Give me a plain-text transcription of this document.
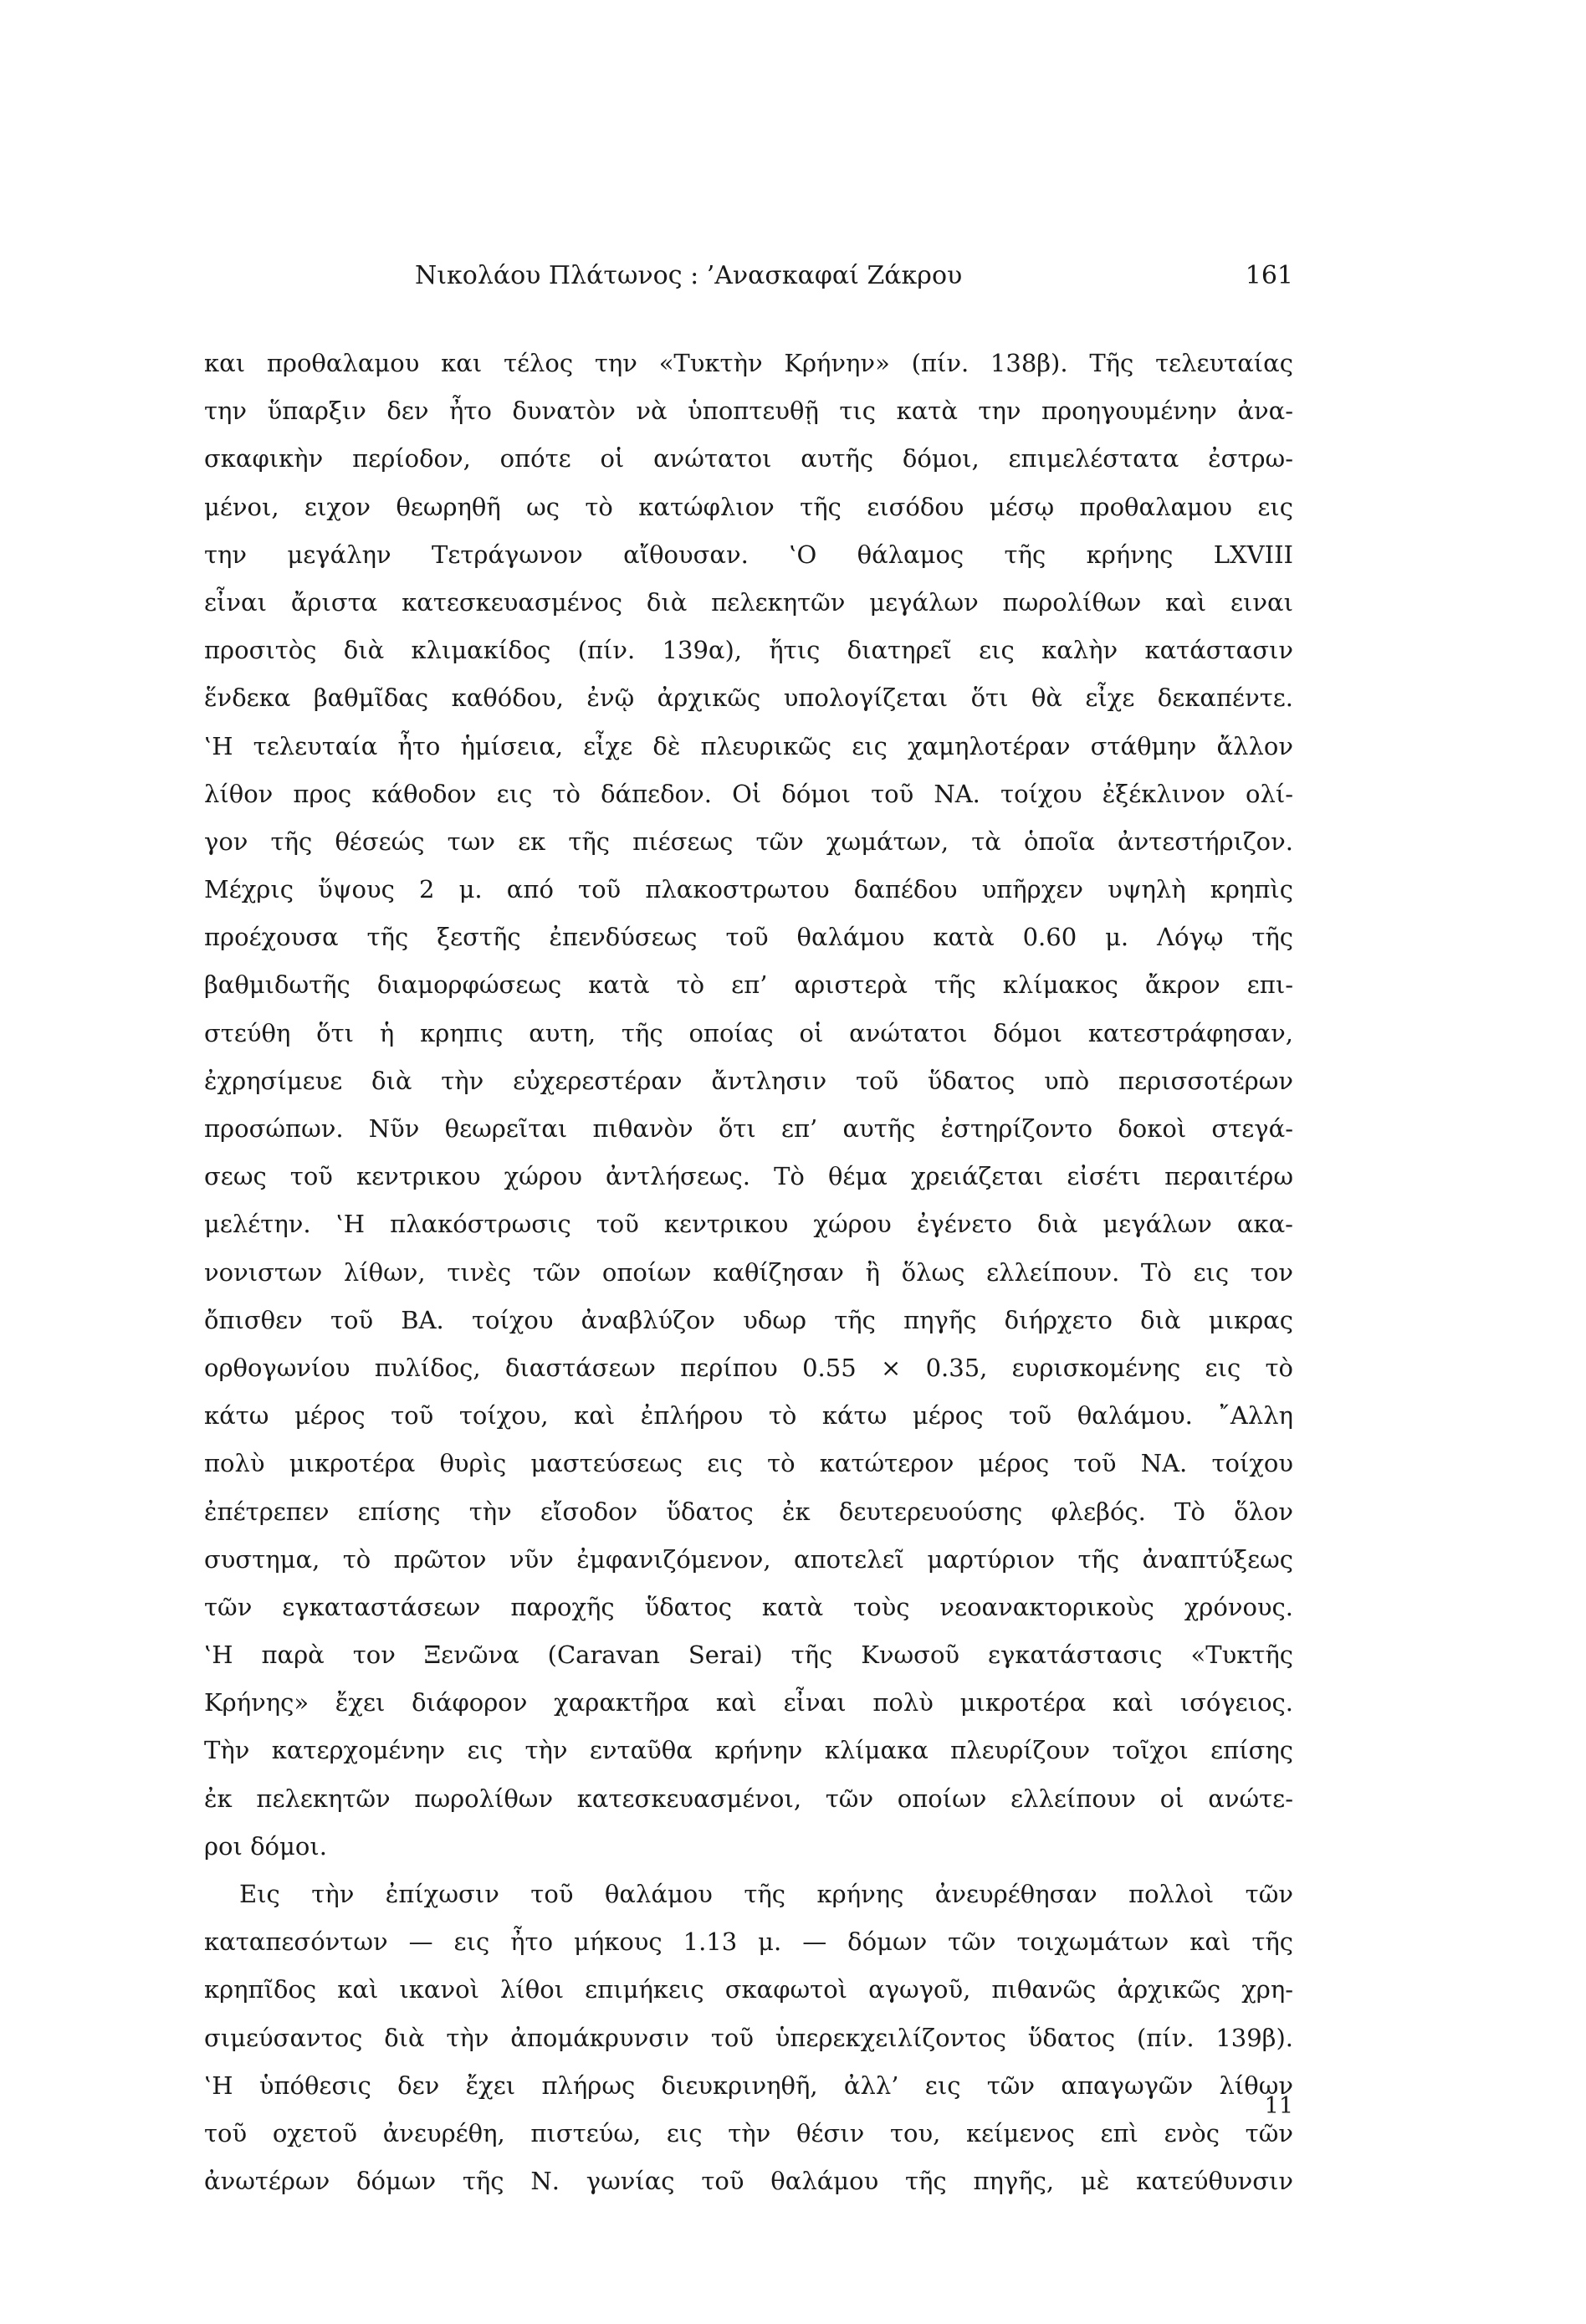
Νικολάου Πλάτωνος : ’Ανασκαφαί Ζάκρου	161
και προθαλαμου και τέλος την «Τυκτὴν Κρήνην» (πίν. 138β). Τῆς τελευταίας
την ὕπαρξιν δεν ἦτο δυνατὸν νὰ ὑποπτευθῇ τις κατὰ την προηγουμένην ἀνα-
σκαφικὴν περίοδον, οπότε οἱ ανώτατοι αυτῆς δόμοι, επιμελέστατα ἐστρω-
μένοι, ειχον θεωρηθῆ ως τὸ κατώφλιον τῆς εισόδου μέσῳ προθαλαμου εις
την μεγάλην Τετράγωνον αἴθουσαν. ‛Ο θάλαμος τῆς κρήνης LXVIII
εἶναι ἄριστα κατεσκευασμένος διὰ πελεκητῶν μεγάλων πωρολίθων καὶ ειναι
προσιτὸς διὰ κλιμακίδος (πίν. 139α), ἥτις διατηρεῖ εις καλὴν κατάστασιν
ἕνδεκα βαθμῖδας καθόδου, ἐνῷ ἀρχικῶς υπολογίζεται ὅτι θὰ εἶχε δεκαπέντε.
‛Η τελευταία ἦτο ἡμίσεια, εἶχε δὲ πλευρικῶς εις χαμηλοτέραν στάθμην ἄλλον
λίθον προς κάθοδον εις τὸ δάπεδον. Οἱ δόμοι τοῦ ΝΑ. τοίχου ἐξέκλινον ολί-
γον τῆς θέσεώς των εκ τῆς πιέσεως τῶν χωμάτων, τὰ ὁποῖα ἀντεστήριζον.
Μέχρις ὕψους 2 μ. από τοῦ πλακοστρωτου δαπέδου υπῆρχεν υψηλὴ κρηπὶς
προέχουσα τῆς ξεστῆς ἐπενδύσεως τοῦ θαλάμου κατὰ 0.60 μ. Λόγῳ τῆς
βαθμιδωτῆς διαμορφώσεως κατὰ τὸ επ’ αριστερὰ τῆς κλίμακος ἄκρον επι-
στεύθη ὅτι ἡ κρηπις αυτη, τῆς οποίας οἱ ανώτατοι δόμοι κατεστράφησαν,
ἐχρησίμευε διὰ τὴν εὐχερεστέραν ἄντλησιν τοῦ ὕδατος υπὸ περισσοτέρων
προσώπων. Νῦν θεωρεῖται πιθανὸν ὅτι επ’ αυτῆς ἐστηρίζοντο δοκοὶ στεγά-
σεως τοῦ κεντρικου χώρου ἀντλήσεως. Τὸ θέμα χρειάζεται εἰσέτι περαιτέρω
μελέτην. ‛Η πλακόστρωσις τοῦ κεντρικου χώρου ἐγένετο διὰ μεγάλων ακα-
νονιστων λίθων, τινὲς τῶν οποίων καθίζησαν ἢ ὅλως ελλείπουν. Τὸ εις τον
ὄπισθεν τοῦ ΒΑ. τοίχου ἀναβλύζον υδωρ τῆς πηγῆς διήρχετο διὰ μικρας
ορθογωνίου πυλίδος, διαστάσεων περίπου 0.55 × 0.35, ευρισκομένης εις τὸ
κάτω μέρος τοῦ τοίχου, καὶ ἐπλήρου τὸ κάτω μέρος τοῦ θαλάμου. ῎Αλλη
πολὺ μικροτέρα θυρὶς μαστεύσεως εις τὸ κατώτερον μέρος τοῦ ΝΑ. τοίχου
ἐπέτρεπεν επίσης τὴν εἴσοδον ὕδατος ἐκ δευτερευούσης φλεβός. Τὸ ὅλον
συστημα, τὸ πρῶτον νῦν ἐμφανιζόμενον, αποτελεῖ μαρτύριον τῆς ἀναπτύξεως
τῶν εγκαταστάσεων παροχῆς ὕδατος κατὰ τοὺς νεοανακτορικοὺς χρόνους.
‛Η παρὰ τον Ξενῶνα (Caravan Serai) τῆς Κνωσοῦ εγκατάστασις «Τυκτῆς
Κρήνης» ἔχει διάφορον χαρακτῆρα καὶ εἶναι πολὺ μικροτέρα καὶ ισόγειος.
Τὴν κατερχομένην εις τὴν ενταῦθα κρήνην κλίμακα πλευρίζουν τοῖχοι επίσης
ἐκ πελεκητῶν πωρολίθων κατεσκευασμένοι, τῶν οποίων ελλείπουν οἱ ανώτε-
ροι δόμοι.
Εις τὴν ἐπίχωσιν τοῦ θαλάμου τῆς κρήνης ἀνευρέθησαν πολλοὶ τῶν
καταπεσόντων — εις ἦτο μήκους 1.13 μ. — δόμων τῶν τοιχωμάτων καὶ τῆς
κρηπῖδος καὶ ικανοὶ λίθοι επιμήκεις σκαφωτοὶ αγωγοῦ, πιθανῶς ἀρχικῶς χρη-
σιμεύσαντος διὰ τὴν ἀπομάκρυνσιν τοῦ ὑπερεκχειλίζοντος ὕδατος (πίν. 139β).
‛Η ὑπόθεσις δεν ἔχει πλήρως διευκρινηθῆ, ἀλλ’ εις τῶν απαγωγῶν λίθων
τοῦ οχετοῦ ἀνευρέθη, πιστεύω, εις τὴν θέσιν του, κείμενος επὶ ενὸς τῶν
ἀνωτέρων δόμων τῆς Ν. γωνίας τοῦ θαλάμου τῆς πηγῆς, μὲ κατεύθυνσιν
11
